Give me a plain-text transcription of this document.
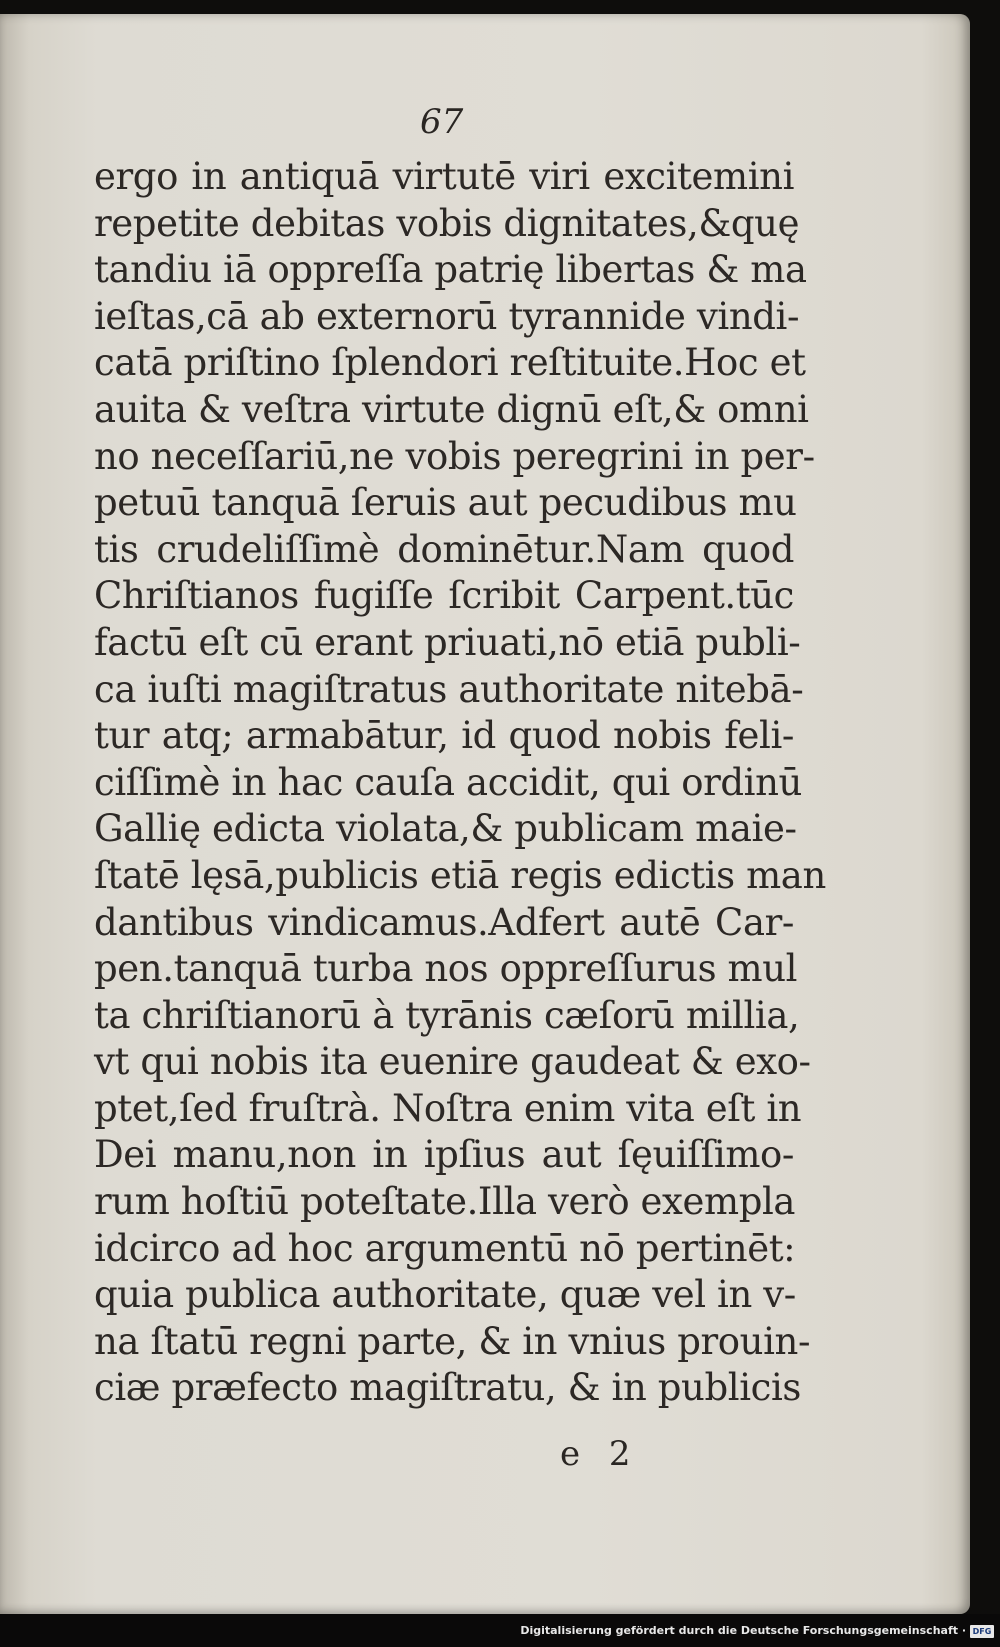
67
ergo in antiquā virtutē viri excitemini
repetite debitas vobis dignitates,&quę
tandiu iā oppreſſa patrię libertas & ma
ieſtas,cā ab externorū tyrannide vindi-
catā priſtino ſplendori reſtituite.Hoc et
auita & veſtra virtute dignū eſt,& omni
no neceſſariū,ne vobis peregrini in per-
petuū tanquā ſeruis aut pecudibus mu
tis crudeliſſimè dominētur.Nam quod
Chriſtianos fugiſſe ſcribit Carpent.tūc
factū eſt cū erant priuati,nō etiā publi-
ca iuſti magiſtratus authoritate nitebā-
tur atq; armabātur, id quod nobis feli-
ciſſimè in hac cauſa accidit, qui ordinū
Gallię edicta violata,& publicam maie-
ſtatē lęsā,publicis etiā regis edictis man
dantibus vindicamus.Adfert autē Car-
pen.tanquā turba nos oppreſſurus mul
ta chriſtianorū à tyrānis cæſorū millia,
vt qui nobis ita euenire gaudeat & exo-
ptet,ſed fruſtrà. Noſtra enim vita eſt in
Dei manu,non in ipſius aut ſęuiſſimo-
rum hoſtiū poteſtate.Illa verò exempla
idcirco ad hoc argumentū nō pertinēt:
quia publica authoritate, quæ vel in v-
na ſtatū regni parte, & in vnius prouin-
ciæ præfecto magiſtratu, & in publicis
e 2
Digitalisierung gefördert durch die Deutsche Forschungsgemeinschaft · DFG
